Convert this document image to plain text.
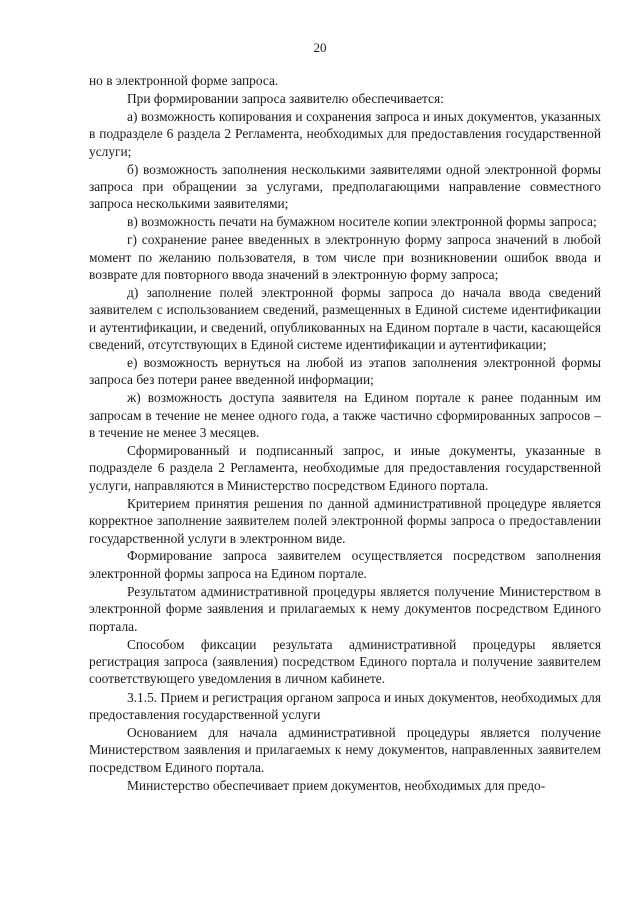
20

но в электронной форме запроса.

При формировании запроса заявителю обеспечивается:

а) возможность копирования и сохранения запроса и иных документов, указанных в подразделе 6 раздела 2 Регламента, необходимых для предоставления государственной услуги;

б) возможность заполнения несколькими заявителями одной электронной формы запроса при обращении за услугами, предполагающими направление совместного запроса несколькими заявителями;

в) возможность печати на бумажном носителе копии электронной формы запроса;

г) сохранение ранее введенных в электронную форму запроса значений в любой момент по желанию пользователя, в том числе при возникновении ошибок ввода и возврате для повторного ввода значений в электронную форму запроса;

д) заполнение полей электронной формы запроса до начала ввода сведений заявителем с использованием сведений, размещенных в Единой системе идентификации и аутентификации, и сведений, опубликованных на Едином портале в части, касающейся сведений, отсутствующих в Единой системе идентификации и аутентификации;

е) возможность вернуться на любой из этапов заполнения электронной формы запроса без потери ранее введенной информации;

ж) возможность доступа заявителя на Едином портале к ранее поданным им запросам в течение не менее одного года, а также частично сформированных запросов – в течение не менее 3 месяцев.

Сформированный и подписанный запрос, и иные документы, указанные в подразделе 6 раздела 2 Регламента, необходимые для предоставления государственной услуги, направляются в Министерство посредством Единого портала.

Критерием принятия решения по данной административной процедуре является корректное заполнение заявителем полей электронной формы запроса о предоставлении государственной услуги в электронном виде.

Формирование запроса заявителем осуществляется посредством заполнения электронной формы запроса на Едином портале.

Результатом административной процедуры является получение Министерством в электронной форме заявления и прилагаемых к нему документов посредством Единого портала.

Способом фиксации результата административной процедуры является регистрация запроса (заявления) посредством Единого портала и получение заявителем соответствующего уведомления в личном кабинете.

3.1.5. Прием и регистрация органом запроса и иных документов, необходимых для предоставления государственной услуги

Основанием для начала административной процедуры является получение Министерством заявления и прилагаемых к нему документов, направленных заявителем посредством Единого портала.

Министерство обеспечивает прием документов, необходимых для предо-
